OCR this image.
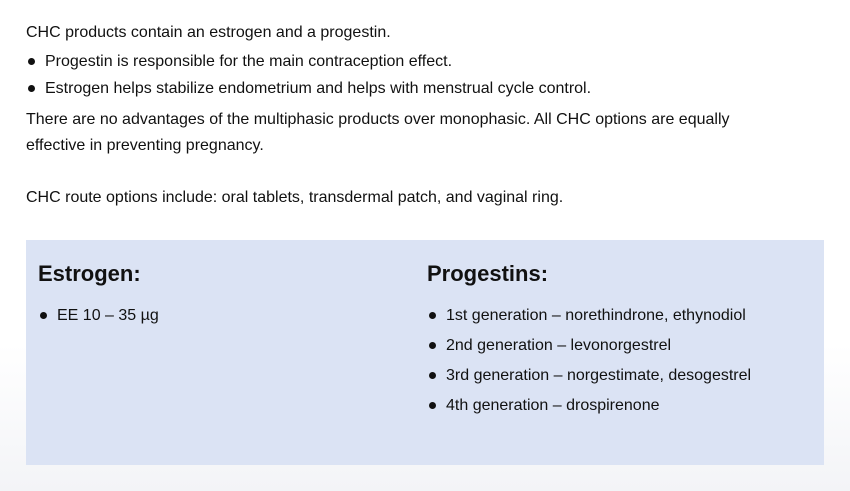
CHC products contain an estrogen and a progestin.

Progestin is responsible for the main contraception effect.
Estrogen helps stabilize endometrium and helps with menstrual cycle control.

There are no advantages of the multiphasic products over monophasic. All CHC options are equally effective in preventing pregnancy.

CHC route options include: oral tablets, transdermal patch, and vaginal ring.

Estrogen:
EE 10 – 35 µg
Progestins:
1st generation – norethindrone, ethynodiol
2nd generation – levonorgestrel
3rd generation – norgestimate, desogestrel
4th generation – drospirenone
